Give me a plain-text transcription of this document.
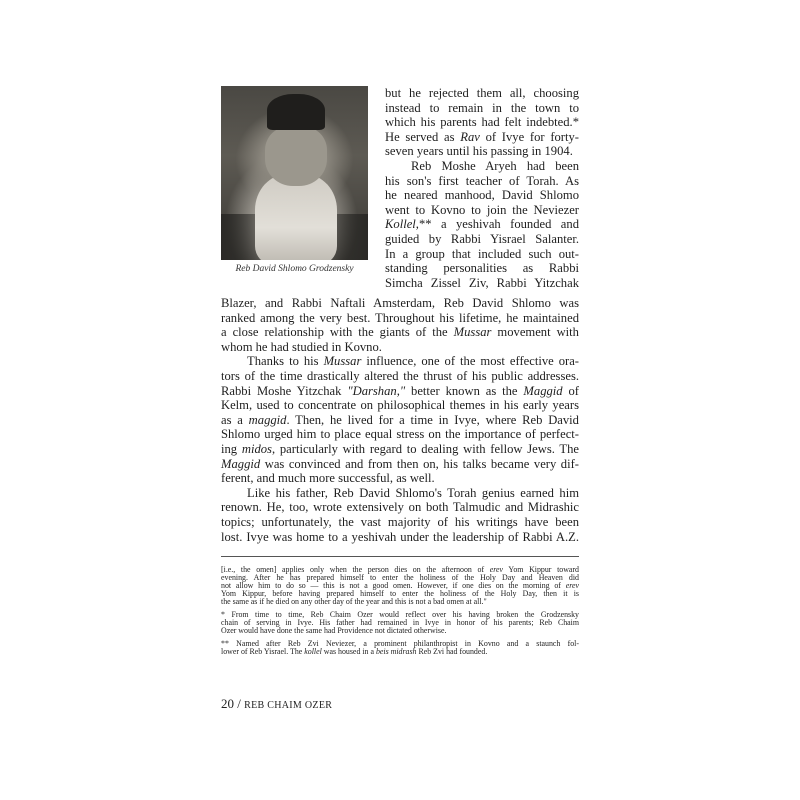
Reb David Shlomo Grodzensky
but he rejected them all, choosing
instead to remain in the town to
which his parents had felt indebted.*
He served as Rav of Ivye for forty-
seven years until his passing in 1904.
Reb Moshe Aryeh had been
his son's first teacher of Torah. As
he neared manhood, David Shlomo
went to Kovno to join the Neviezer
Kollel,** a yeshivah founded and
guided by Rabbi Yisrael Salanter.
In a group that included such out-
standing personalities as Rabbi
Simcha Zissel Ziv, Rabbi Yitzchak
Blazer, and Rabbi Naftali Amsterdam, Reb David Shlomo was
ranked among the very best. Throughout his lifetime, he maintained
a close relationship with the giants of the Mussar movement with
whom he had studied in Kovno.
Thanks to his Mussar influence, one of the most effective ora-
tors of the time drastically altered the thrust of his public addresses.
Rabbi Moshe Yitzchak "Darshan," better known as the Maggid of
Kelm, used to concentrate on philosophical themes in his early years
as a maggid. Then, he lived for a time in Ivye, where Reb David
Shlomo urged him to place equal stress on the importance of perfect-
ing midos, particularly with regard to dealing with fellow Jews. The
Maggid was convinced and from then on, his talks became very dif-
ferent, and much more successful, as well.
Like his father, Reb David Shlomo's Torah genius earned him
renown. He, too, wrote extensively on both Talmudic and Midrashic
topics; unfortunately, the vast majority of his writings have been
lost. Ivye was home to a yeshivah under the leadership of Rabbi A.Z.
[i.e., the omen] applies only when the person dies on the afternoon of erev Yom Kippur toward
evening. After he has prepared himself to enter the holiness of the Holy Day and Heaven did
not allow him to do so — this is not a good omen. However, if one dies on the morning of erev
Yom Kippur, before having prepared himself to enter the holiness of the Holy Day, then it is
the same as if he died on any other day of the year and this is not a bad omen at all."
* From time to time, Reb Chaim Ozer would reflect over his having broken the Grodzensky
chain of serving in Ivye. His father had remained in Ivye in honor of his parents; Reb Chaim
Ozer would have done the same had Providence not dictated otherwise.
** Named after Reb Zvi Neviezer, a prominent philanthropist in Kovno and a staunch fol-
lower of Reb Yisrael. The kollel was housed in a beis midrash Reb Zvi had founded.
20 / REB CHAIM OZER
